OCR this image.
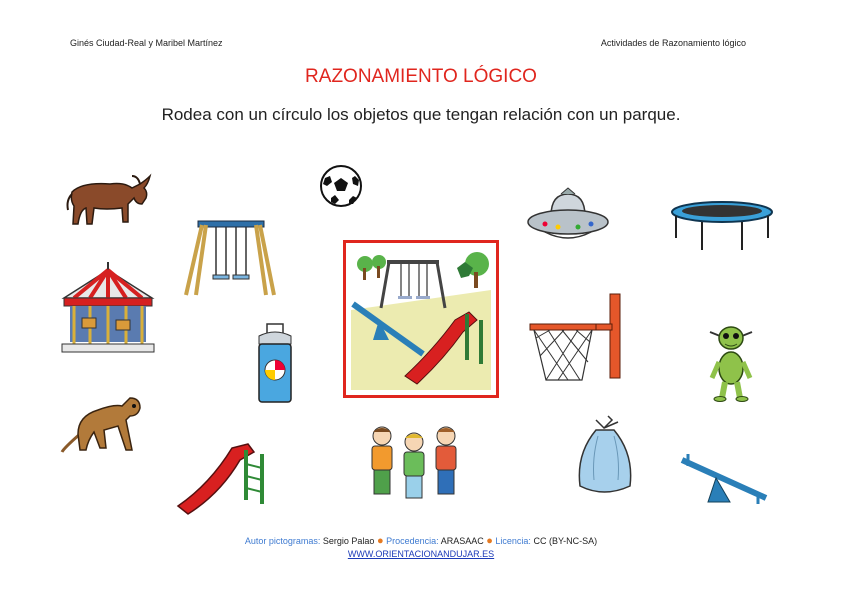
Ginés Ciudad-Real y Maribel Martínez	Actividades de Razonamiento lógico
RAZONAMIENTO LÓGICO
Rodea con un círculo los objetos que tengan relación con un parque.
Autor pictogramas: Sergio Palao ● Procedencia: ARASAAC ● Licencia: CC (BY-NC-SA)
WWW.ORIENTACIONANDUJAR.ES
